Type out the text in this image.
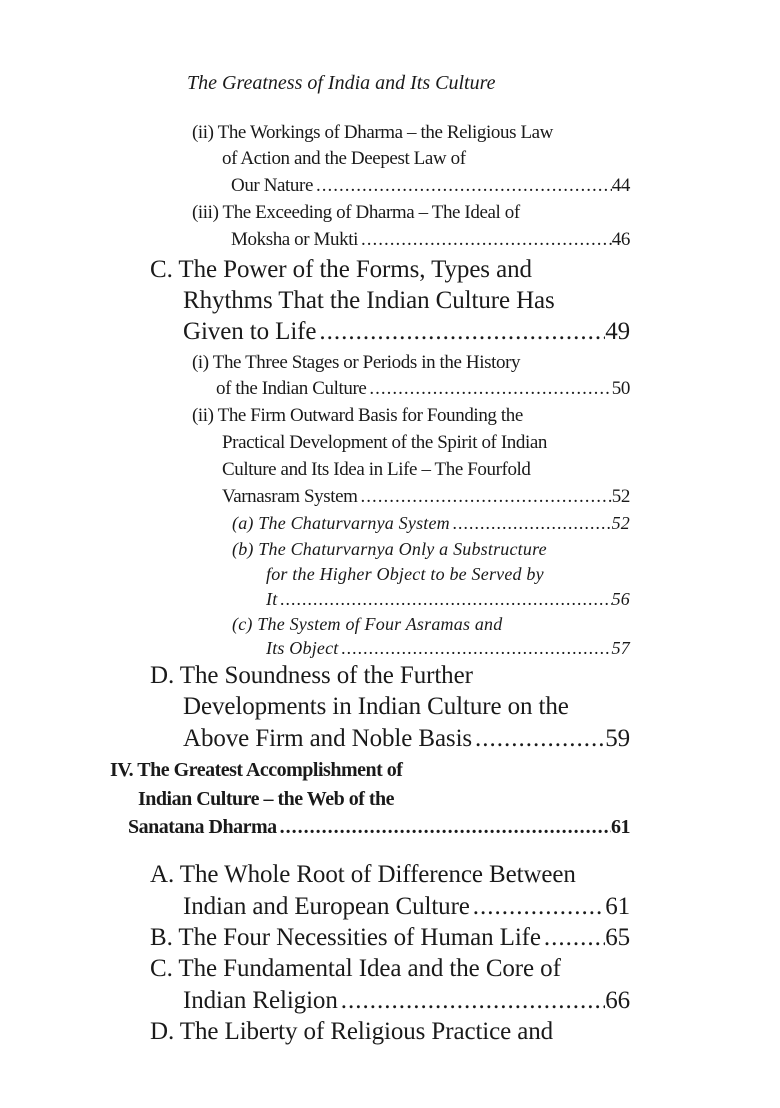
The Greatness of India and Its Culture
(ii) The Workings of Dharma – the Religious Law
of Action and the Deepest Law of
Our Nature .....	44
(iii) The Exceeding of Dharma – The Ideal of
Moksha or Mukti .....	46
C. The Power of the Forms, Types and
Rhythms That the Indian Culture Has
Given to Life .....	49
(i) The Three Stages or Periods in the History
of the Indian Culture .....	50
(ii) The Firm Outward Basis for Founding the
Practical Development of the Spirit of Indian
Culture and Its Idea in Life – The Fourfold
Varnasram System .....	52
(a) The Chaturvarnya System .....	52
(b) The Chaturvarnya Only a Substructure
for the Higher Object to be Served by
It .....	56
(c) The System of Four Asramas and
Its Object .....	57
D. The Soundness of the Further
Developments in Indian Culture on the
Above Firm and Noble Basis .....	59
IV. The Greatest Accomplishment of
Indian Culture – the Web of the
Sanatana Dharma .....	61
A. The Whole Root of Difference Between
Indian and European Culture .....	61
B. The Four Necessities of Human Life .....	65
C. The Fundamental Idea and the Core of
Indian Religion .....	66
D. The Liberty of Religious Practice and
